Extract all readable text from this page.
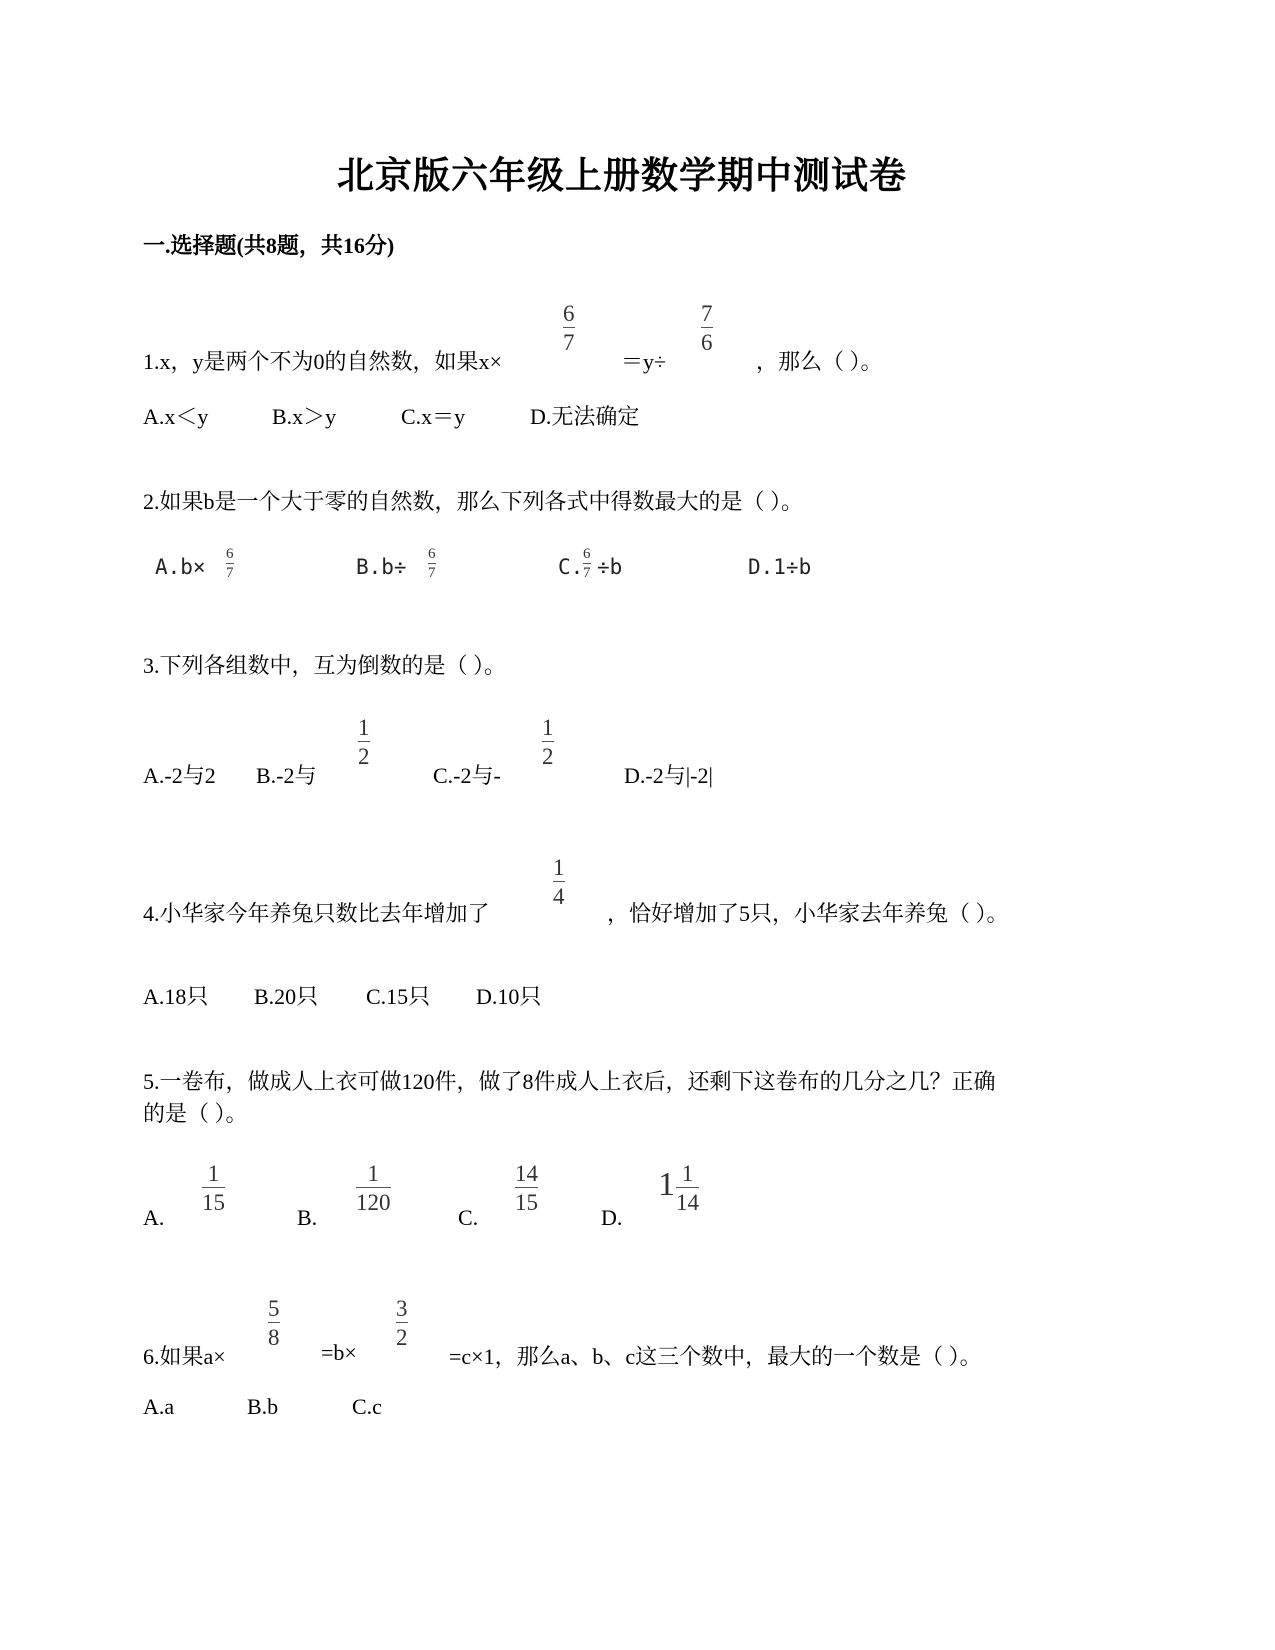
北京版六年级上册数学期中测试卷
一.选择题(共8题，共16分)
1.x，y是两个不为0的自然数，如果x×
6
7
＝y÷
7
6
，那么（ ）。
A.x＜y	B.x＞y	C.x＝y	D.无法确定
2.如果b是一个大于零的自然数，那么下列各式中得数最大的是（ ）。
A.b×
6
7	B.b÷
6
7	C.
6
7 ÷b	D.1÷b
3.下列各组数中，互为倒数的是（ ）。
A.-2与2 B.-2与
1
2
C.-2与-
1
2
D.-2与|-2|
4.小华家今年养兔只数比去年增加了
1
4
，恰好增加了5只，小华家去年养兔（ ）。
A.18只 B.20只 C.15只 D.10只
5.一卷布，做成人上衣可做120件，做了8件成人上衣后，还剩下这卷布的几分之几？正确
的是（ ）。
A.
1
15
B.
1
120
C.
14
15
D.
1 1
14
6.如果a×
5
8
=b×
3
2
=c×1，那么a、b、c这三个数中，最大的一个数是（ ）。
A.a	B.b	C.c
